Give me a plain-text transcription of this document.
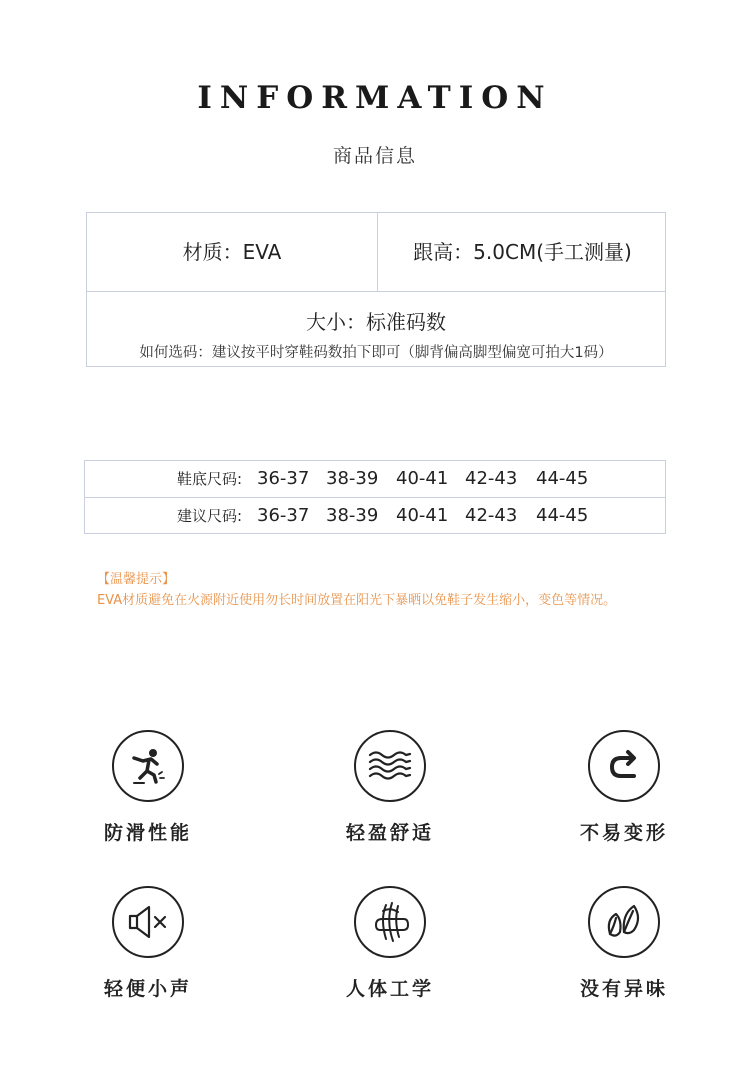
INFORMATION
商品信息
材质：EVA	跟高：5.0CM(手工测量)
大小：标准码数
如何选码：建议按平时穿鞋码数拍下即可（脚背偏高脚型偏宽可拍大1码）
鞋底尺码: 36-37 38-39 40-41 42-43 44-45
建议尺码: 36-37 38-39 40-41 42-43 44-45
【温馨提示】
EVA材质避免在火源附近使用勿长时间放置在阳光下暴晒以免鞋子发生缩小，变色等情况。
防滑性能	轻盈舒适	不易变形
轻便小声	人体工学	没有异味
